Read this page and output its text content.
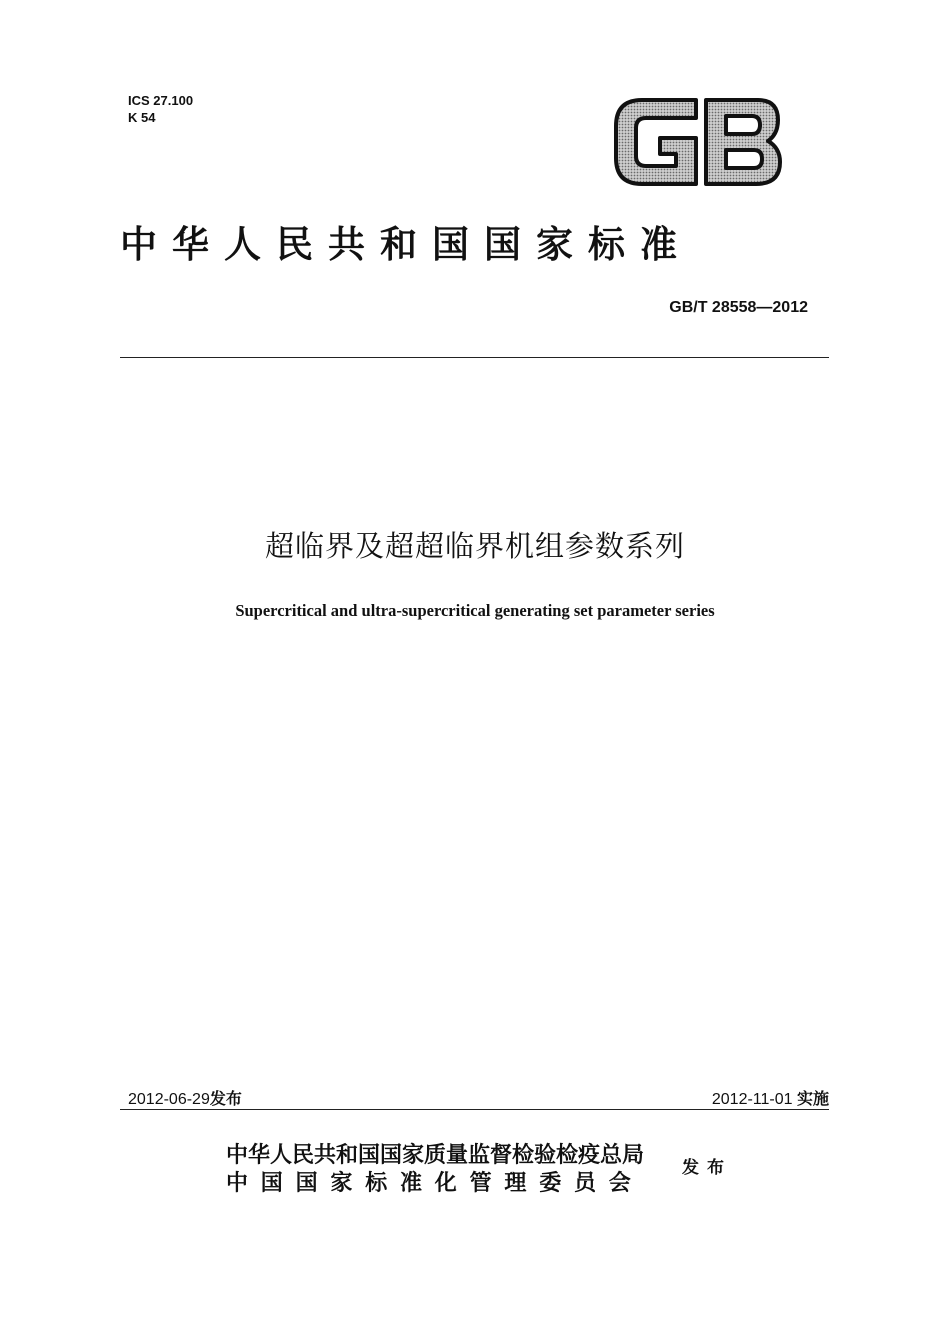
ICS 27.100
K 54
中华人民共和国国家标准
GB/T 28558—2012
超临界及超超临界机组参数系列
Supercritical and ultra-supercritical generating set parameter series
2012-06-29发布	2012-11-01 实施
中华人民共和国国家质量监督检验检疫总局
中国国家标准化管理委员会
发布
